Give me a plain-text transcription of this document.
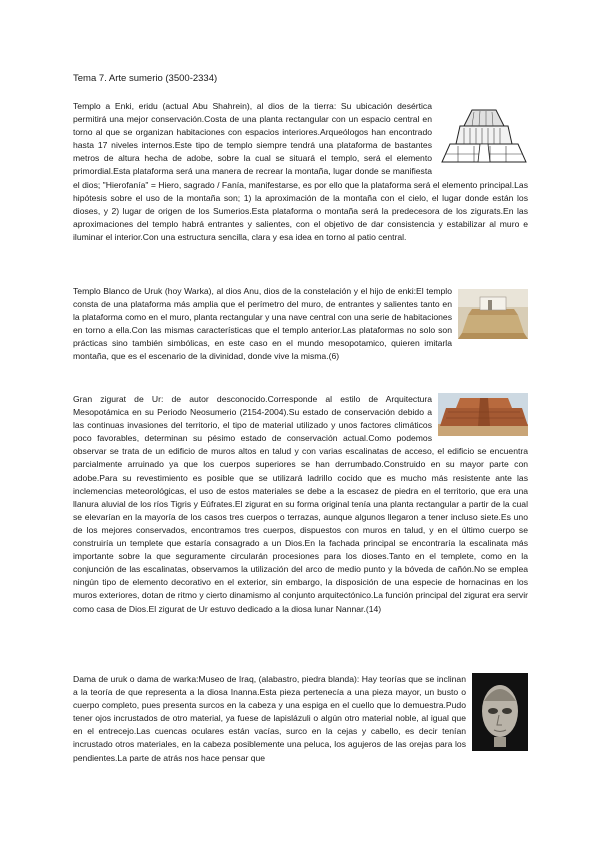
Tema 7. Arte sumerio (3500-2334)
Templo a Enki, eridu (actual Abu Shahrein), al dios de la tierra: Su ubicación desértica permitirá una mejor conservación.Costa de una planta rectangular con un espacio central en torno al que se organizan habitaciones con espacios interiores.Arqueólogos han encontrado hasta 17 niveles internos.Este tipo de templo siempre tendrá una plataforma de bastantes metros de altura hecha de adobe, sobre la cual se situará el templo, será el elemento primordial.Esta plataforma será una manera de recrear la montaña, lugar donde se manifiesta el dios; "Hierofanía" = Hiero, sagrado / Fanía, manifestarse, es por ello que la plataforma será el elemento principal.Las hipótesis sobre el uso de la montaña son; 1) la aproximación de la montaña con el cielo, el lugar donde están los dioses, y 2) lugar de origen de los Sumerios.Esta plataforma o montaña será la predecesora de los zigurats.En las aproximaciones del templo habrá entrantes y salientes, con el objetivo de dar consistencia y estabilizar al muro e iluminar el interior.Con una estructura sencilla, clara y esa idea en torno al patio central.
Templo Blanco de Uruk (hoy Warka), al dios Anu, dios de la constelación y el hijo de enki:El templo consta de una plataforma más amplia que el perímetro del muro, de entrantes y salientes tanto en la plataforma como en el muro, planta rectangular y una nave central con una serie de habitaciones en torno a ella.Con las mismas características que el templo anterior.Las plataformas no solo son prácticas sino también simbólicas, en este caso en el mundo mesopotamico, quieren imitarla montaña, que es el escenario de la divinidad, donde vive la misma.(6)
Gran zigurat de Ur: de autor desconocido.Corresponde al estilo de Arquitectura Mesopotámica en su Periodo Neosumerio (2154-2004).Su estado de conservación debido a las continuas invasiones del territorio, el tipo de material utilizado y unos factores climáticos poco favorables, determinan su pésimo estado de conservación actual.Como podemos observar se trata de un edificio de muros altos en talud y con varias escalinatas de acceso, el edificio se encuentra parcialmente arruinado ya que los cuerpos superiores se han derrumbado.Construido en su mayor parte con adobe.Para su revestimiento es posible que se utilizará ladrillo cocido que es mucho más resistente ante las inclemencias meteorológicas, el uso de estos materiales se debe a la escasez de piedra en el territorio, que era una llanura aluvial de los ríos Tigris y Eúfrates.El zigurat en su forma original tenía una planta rectangular a partir de la cual se elevarían en la mayoría de los casos tres cuerpos o terrazas, aunque algunos llegaron a tener incluso siete.Es uno de los mejores conservados, encontramos tres cuerpos, dispuestos con muros en talud, y en el último cuerpo se construiría un templete que estaría consagrado a un Dios.En la fachada principal se encontraría la escalinata más importante sobre la que seguramente circularán procesiones para los dioses.Tanto en el templete, como en la conjunción de las escalinatas, observamos la utilización del arco de medio punto y la bóveda de cañón.No se emplea ningún tipo de elemento decorativo en el exterior, sin embargo, la disposición de una especie de hornacinas en los muros exteriores, dotan de ritmo y cierto dinamismo al conjunto arquitectónico.La función principal del zigurat era servir como casa de Dios.El zigurat de Ur estuvo dedicado a la diosa lunar Nannar.(14)
Dama de uruk o dama de warka:Museo de Iraq, (alabastro, piedra blanda): Hay teorías que se inclinan a la teoría de que representa a la diosa Inanna.Esta pieza pertenecía a una pieza mayor, un busto o cuerpo completo, pues presenta surcos en la cabeza y una espiga en el cuello que lo demuestra.Pudo tener ojos incrustados de otro material, ya fuese de lapislázuli o algún otro material noble, al igual que en el entrecejo.Las cuencas oculares están vacías, surco en la cejas y cabello, es decir tenían incrustado otros materiales, en la cabeza posiblemente una peluca, los agujeros de las orejas para los pendientes.La parte de atrás nos hace pensar que
